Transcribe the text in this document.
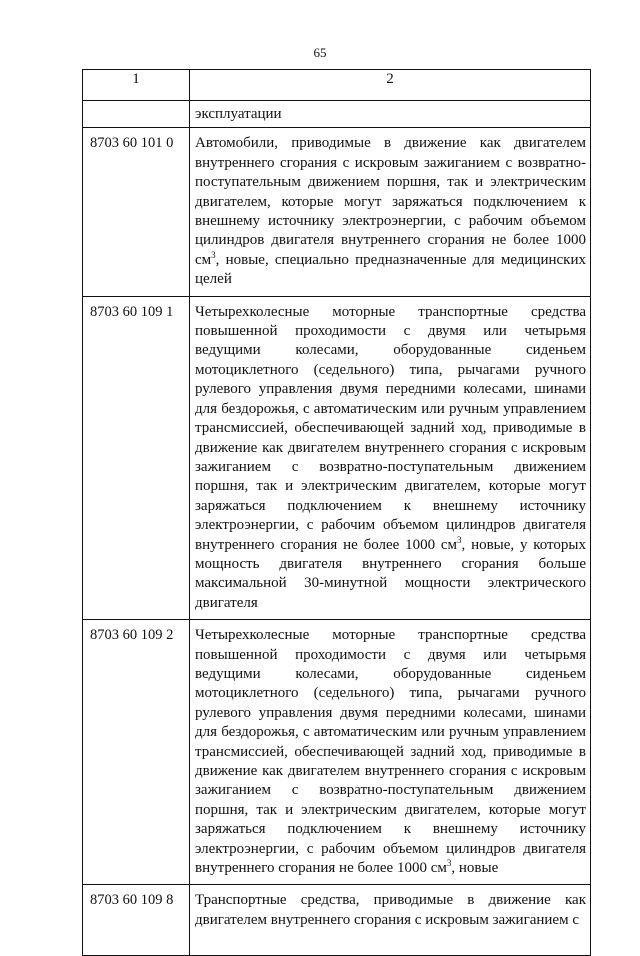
65
1	2
	эксплуатации
8703 60 101 0	Автомобили, приводимые в движение как двигателем внутреннего сгорания с искровым зажиганием с возвратно-поступательным движением поршня, так и электрическим двигателем, которые могут заряжаться подключением к внешнему источнику электроэнергии, с рабочим объемом цилиндров двигателя внутреннего сгорания не более 1000 $см^3$, новые, специально предназначенные для медицинских целей

8703 60 109 1	Четырехколесные моторные транспортные средства повышенной проходимости с двумя или четырьмя ведущими колесами, оборудованные сиденьем мотоциклетного (седельного) типа, рычагами ручного рулевого управления двумя передними колесами, шинами для бездорожья, с автоматическим или ручным управлением трансмиссией, обеспечивающей задний ход, приводимые в движение как двигателем внутреннего сгорания с искровым зажиганием с возвратно-поступательным движением поршня, так и электрическим двигателем, которые могут заряжаться подключением к внешнему источнику электроэнергии, с рабочим объемом цилиндров двигателя внутреннего сгорания не более 1000 $см^3$, новые, у которых мощность двигателя внутреннего сгорания больше максимальной 30-минутной мощности электрического двигателя

8703 60 109 2	Четырехколесные моторные транспортные средства повышенной проходимости с двумя или четырьмя ведущими колесами, оборудованные сиденьем мотоциклетного (седельного) типа, рычагами ручного рулевого управления двумя передними колесами, шинами для бездорожья, с автоматическим или ручным управлением трансмиссией, обеспечивающей задний ход, приводимые в движение как двигателем внутреннего сгорания с искровым зажиганием с возвратно-поступательным движением поршня, так и электрическим двигателем, которые могут заряжаться подключением к внешнему источнику электроэнергии, с рабочим объемом цилиндров двигателя внутреннего сгорания не более 1000 $см^3$, новые

8703 60 109 8	Транспортные средства, приводимые в движение как двигателем внутреннего сгорания с искровым зажиганием с
